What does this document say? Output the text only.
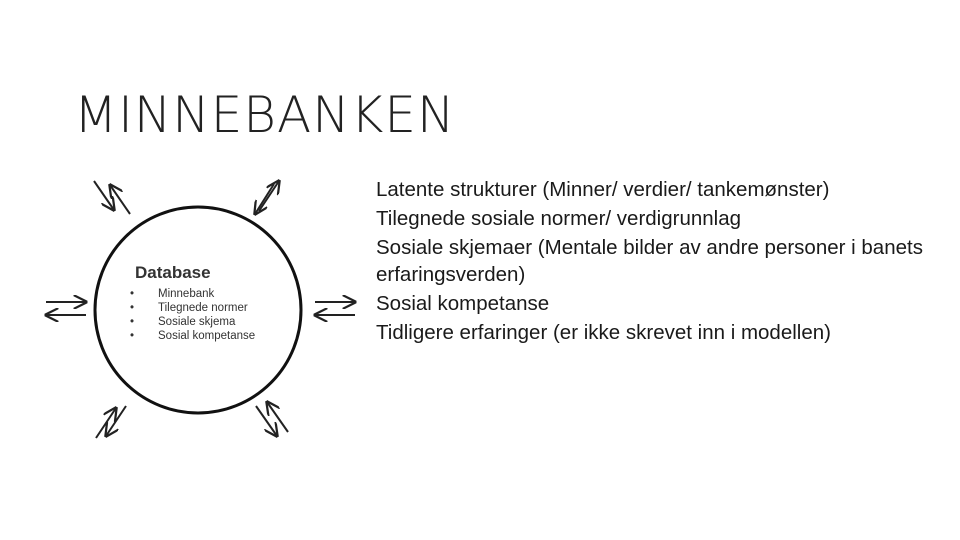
MINNEBANKEN
Database
• Minnebank
• Tilegnede normer
• Sosiale skjema
• Sosial kompetanse
Latente strukturer (Minner/ verdier/ tankemønster)
Tilegnede sosiale normer/ verdigrunnlag
Sosiale skjemaer (Mentale bilder av andre personer i banets erfaringsverden)
Sosial kompetanse
Tidligere erfaringer (er ikke skrevet inn i modellen)
